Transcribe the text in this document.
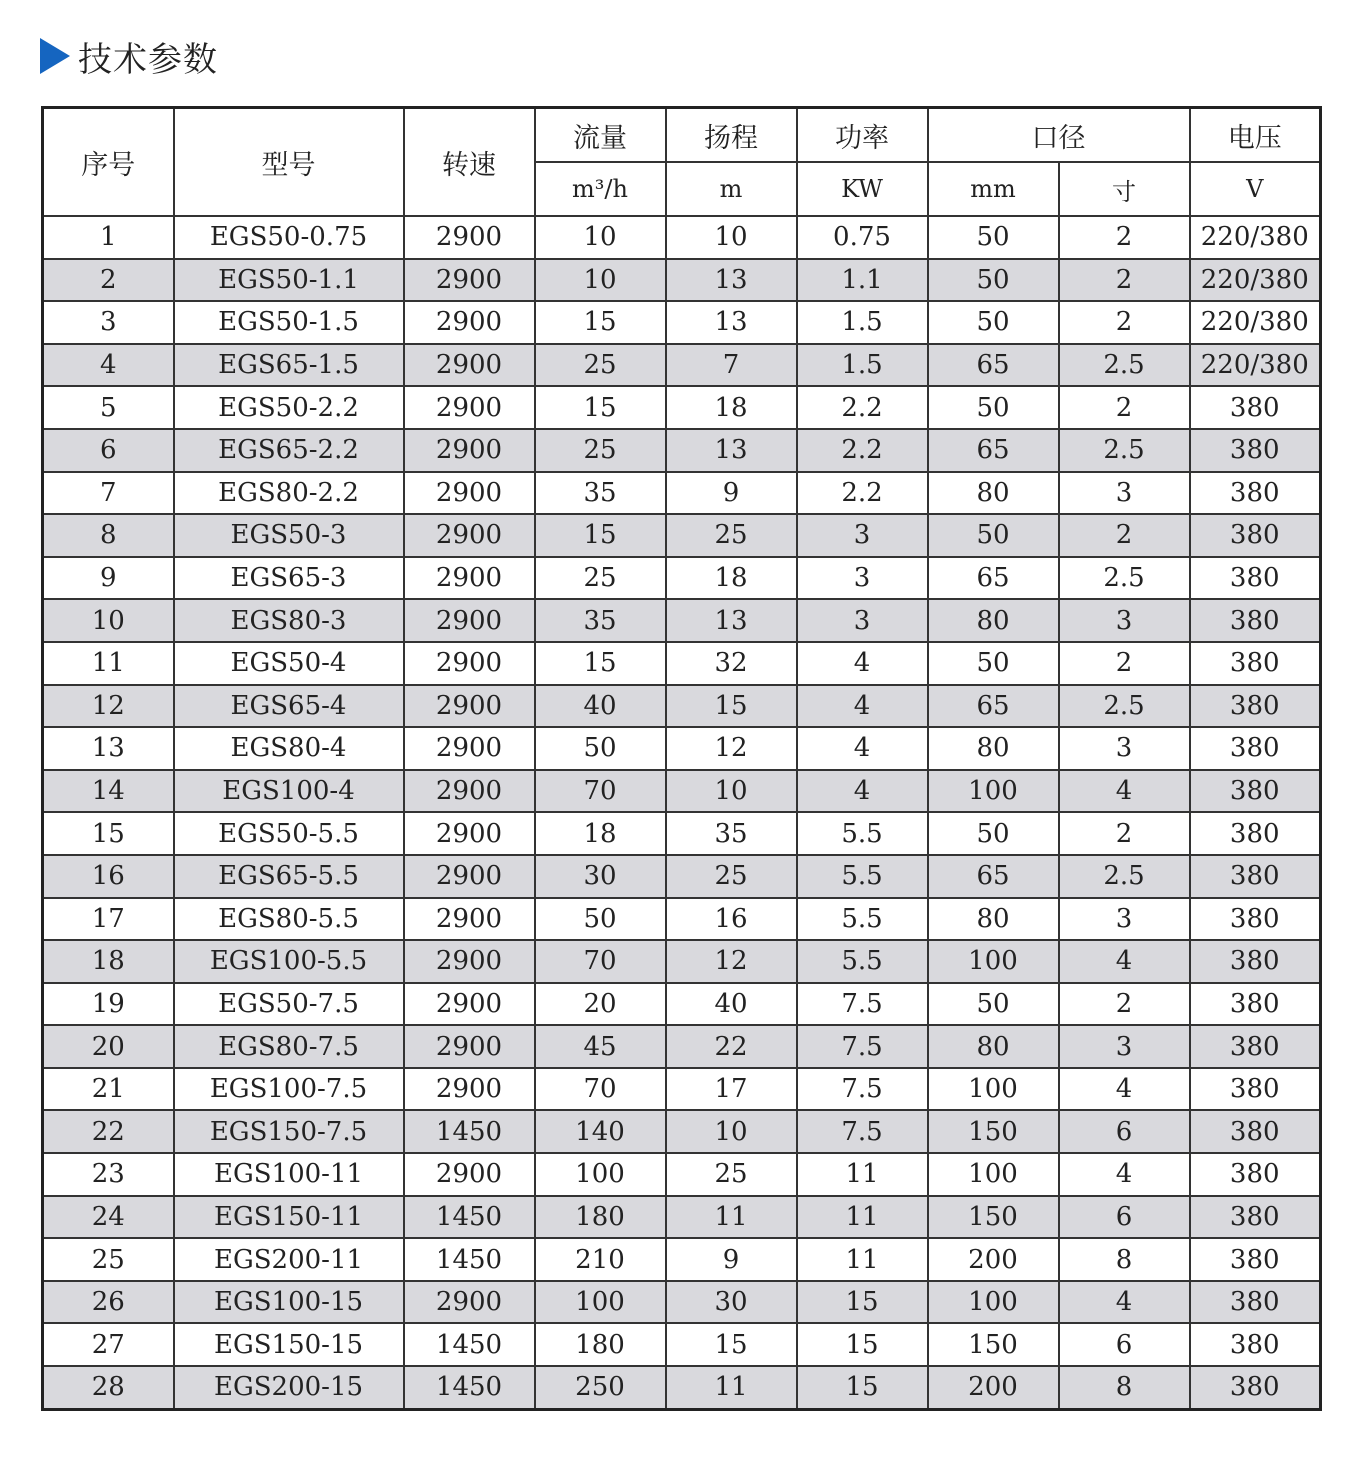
技术参数
序号	型号	转速	流量	扬程	功率	口径		电压
			m³/h	m	KW	mm	寸	V
1	EGS50-0.75	2900	10	10	0.75	50	2	220/380
2	EGS50-1.1	2900	10	13	1.1	50	2	220/380
3	EGS50-1.5	2900	15	13	1.5	50	2	220/380
4	EGS65-1.5	2900	25	7	1.5	65	2.5	220/380
5	EGS50-2.2	2900	15	18	2.2	50	2	380
6	EGS65-2.2	2900	25	13	2.2	65	2.5	380
7	EGS80-2.2	2900	35	9	2.2	80	3	380
8	EGS50-3	2900	15	25	3	50	2	380
9	EGS65-3	2900	25	18	3	65	2.5	380
10	EGS80-3	2900	35	13	3	80	3	380
11	EGS50-4	2900	15	32	4	50	2	380
12	EGS65-4	2900	40	15	4	65	2.5	380
13	EGS80-4	2900	50	12	4	80	3	380
14	EGS100-4	2900	70	10	4	100	4	380
15	EGS50-5.5	2900	18	35	5.5	50	2	380
16	EGS65-5.5	2900	30	25	5.5	65	2.5	380
17	EGS80-5.5	2900	50	16	5.5	80	3	380
18	EGS100-5.5	2900	70	12	5.5	100	4	380
19	EGS50-7.5	2900	20	40	7.5	50	2	380
20	EGS80-7.5	2900	45	22	7.5	80	3	380
21	EGS100-7.5	2900	70	17	7.5	100	4	380
22	EGS150-7.5	1450	140	10	7.5	150	6	380
23	EGS100-11	2900	100	25	11	100	4	380
24	EGS150-11	1450	180	11	11	150	6	380
25	EGS200-11	1450	210	9	11	200	8	380
26	EGS100-15	2900	100	30	15	100	4	380
27	EGS150-15	1450	180	15	15	150	6	380
28	EGS200-15	1450	250	11	15	200	8	380
